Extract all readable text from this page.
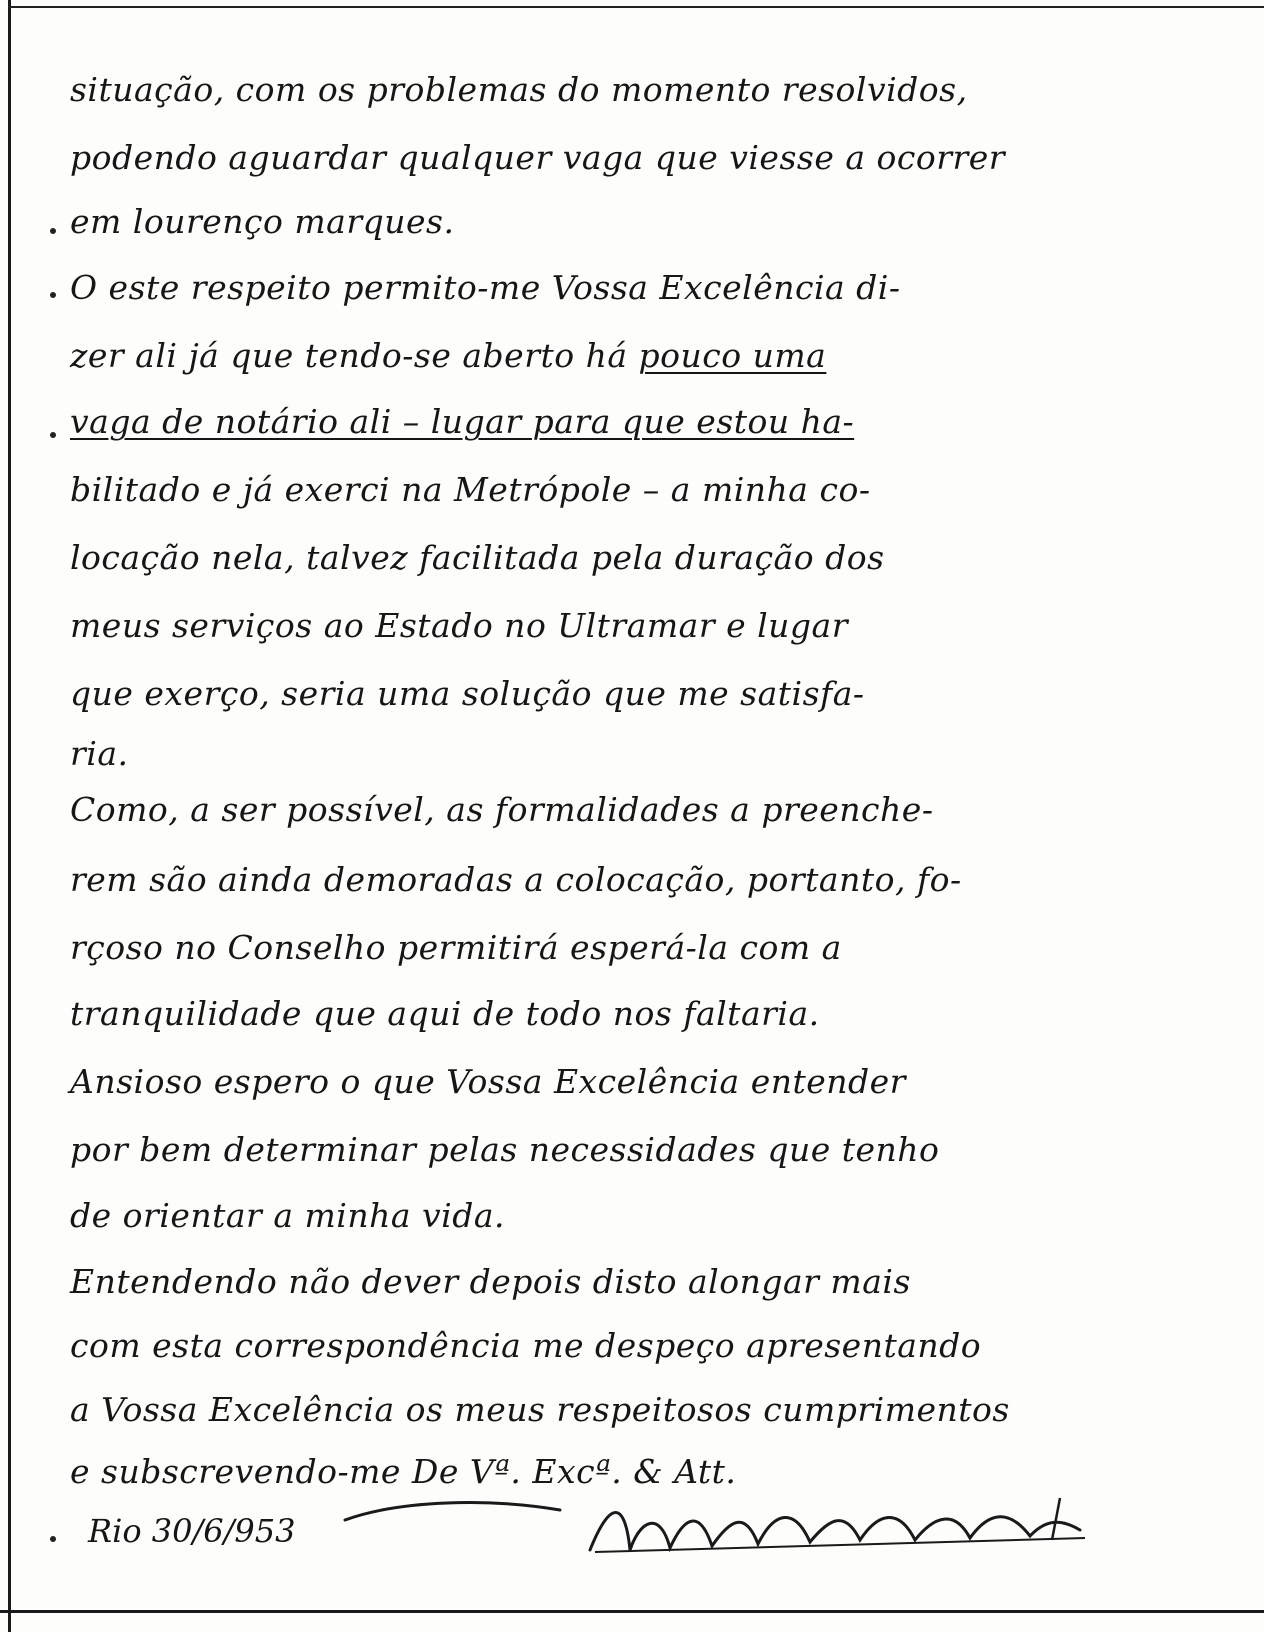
situação, com os problemas do momento resolvidos,
podendo aguardar qualquer vaga que viesse a ocorrer
em lourenço marques.
O este respeito permito-me Vossa Excelência di-
zer ali já que tendo-se aberto há pouco uma
vaga de notário ali – lugar para que estou ha-
bilitado e já exerci na Metrópole – a minha co-
locação nela, talvez facilitada pela duração dos
meus serviços ao Estado no Ultramar e lugar
que exerço, seria uma solução que me satisfa-
ria.
Como, a ser possível, as formalidades a preenche-
rem são ainda demoradas a colocação, portanto, fo-
rçoso no Conselho permitirá esperá-la com a
tranquilidade que aqui de todo nos faltaria.
Ansioso espero o que Vossa Excelência entender
por bem determinar pelas necessidades que tenho
de orientar a minha vida.
Entendendo não dever depois disto alongar mais
com esta correspondência me despeço apresentando
a Vossa Excelência os meus respeitosos cumprimentos
e subscrevendo-me De Vª. Excª. & Att.
Rio 30/6/953
